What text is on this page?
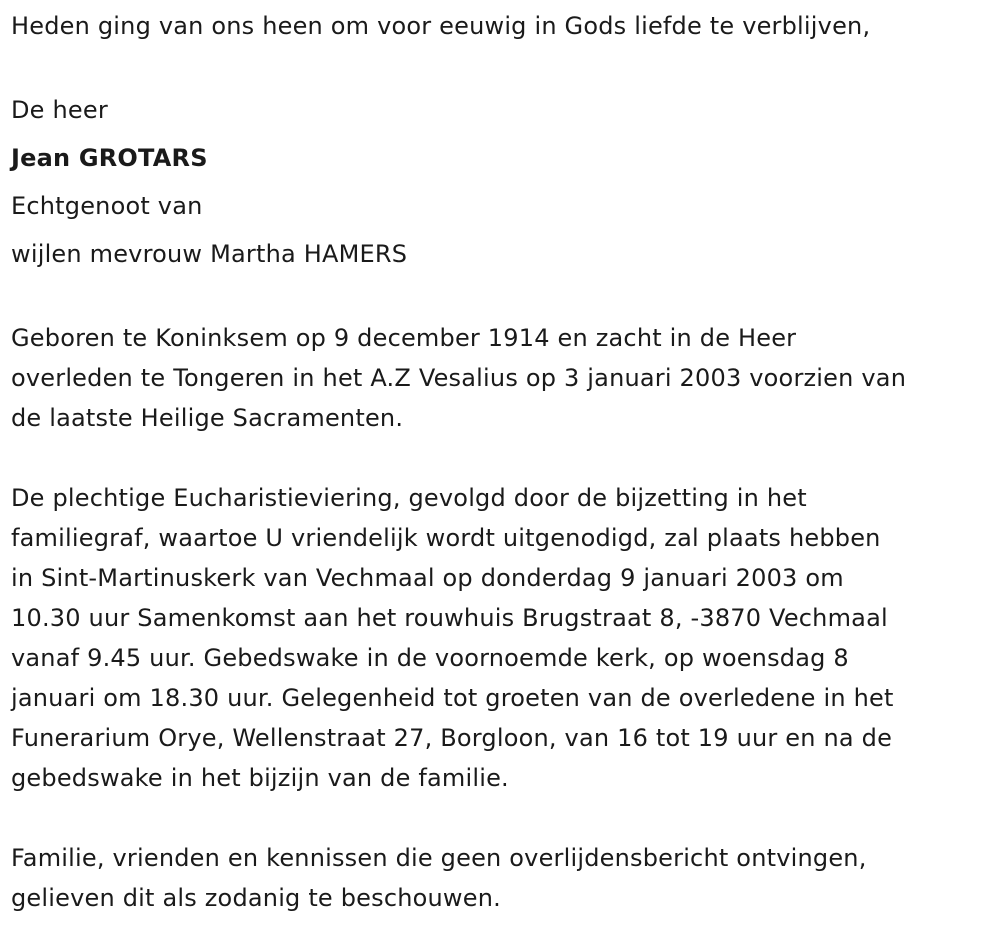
Heden ging van ons heen om voor eeuwig in Gods liefde te verblijven,
De heer
Jean GROTARS
Echtgenoot van
wijlen mevrouw Martha HAMERS
Geboren te Koninksem op 9 december 1914 en zacht in de Heer
overleden te Tongeren in het A.Z Vesalius op 3 januari 2003 voorzien van
de laatste Heilige Sacramenten.
De plechtige Eucharistieviering, gevolgd door de bijzetting in het
familiegraf, waartoe U vriendelijk wordt uitgenodigd, zal plaats hebben
in Sint-Martinuskerk van Vechmaal op donderdag 9 januari 2003 om
10.30 uur Samenkomst aan het rouwhuis Brugstraat 8, -3870 Vechmaal
vanaf 9.45 uur. Gebedswake in de voornoemde kerk, op woensdag 8
januari om 18.30 uur. Gelegenheid tot groeten van de overledene in het
Funerarium Orye, Wellenstraat 27, Borgloon, van 16 tot 19 uur en na de
gebedswake in het bijzijn van de familie.
Familie, vrienden en kennissen die geen overlijdensbericht ontvingen,
gelieven dit als zodanig te beschouwen.
